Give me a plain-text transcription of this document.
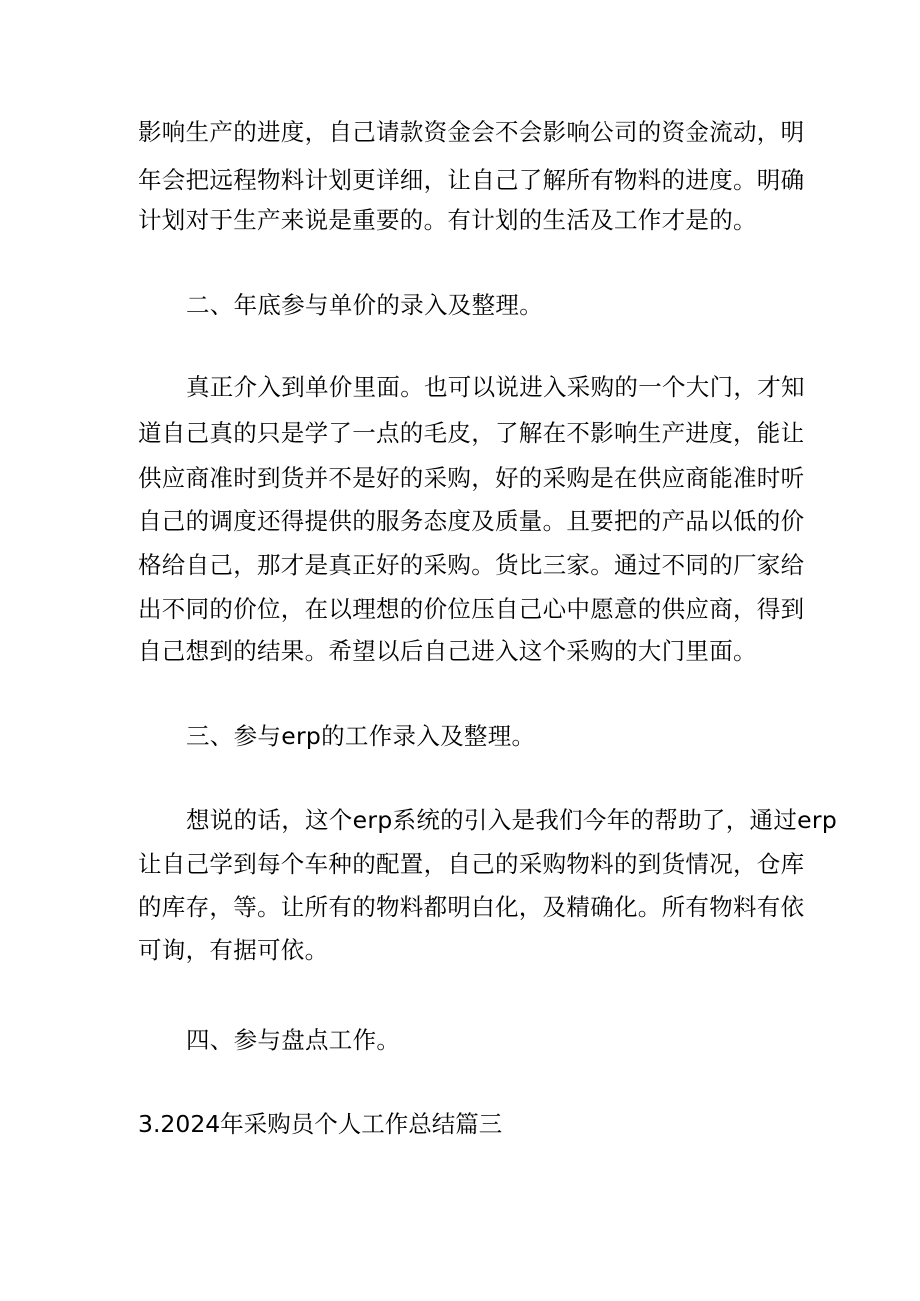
影响生产的进度，自己请款资金会不会影响公司的资金流动，明
年会把远程物料计划更详细，让自己了解所有物料的进度。明确
计划对于生产来说是重要的。有计划的生活及工作才是的。
二、年底参与单价的录入及整理。
真正介入到单价里面。也可以说进入采购的一个大门，才知
道自己真的只是学了一点的毛皮，了解在不影响生产进度，能让
供应商准时到货并不是好的采购，好的采购是在供应商能准时听
自己的调度还得提供的服务态度及质量。且要把的产品以低的价
格给自己，那才是真正好的采购。货比三家。通过不同的厂家给
出不同的价位，在以理想的价位压自己心中愿意的供应商，得到
自己想到的结果。希望以后自己进入这个采购的大门里面。
三、参与erp的工作录入及整理。
想说的话，这个erp系统的引入是我们今年的帮助了，通过erp
让自己学到每个车种的配置，自己的采购物料的到货情况，仓库
的库存，等。让所有的物料都明白化，及精确化。所有物料有依
可询，有据可依。
四、参与盘点工作。
3.2024年采购员个人工作总结篇三
